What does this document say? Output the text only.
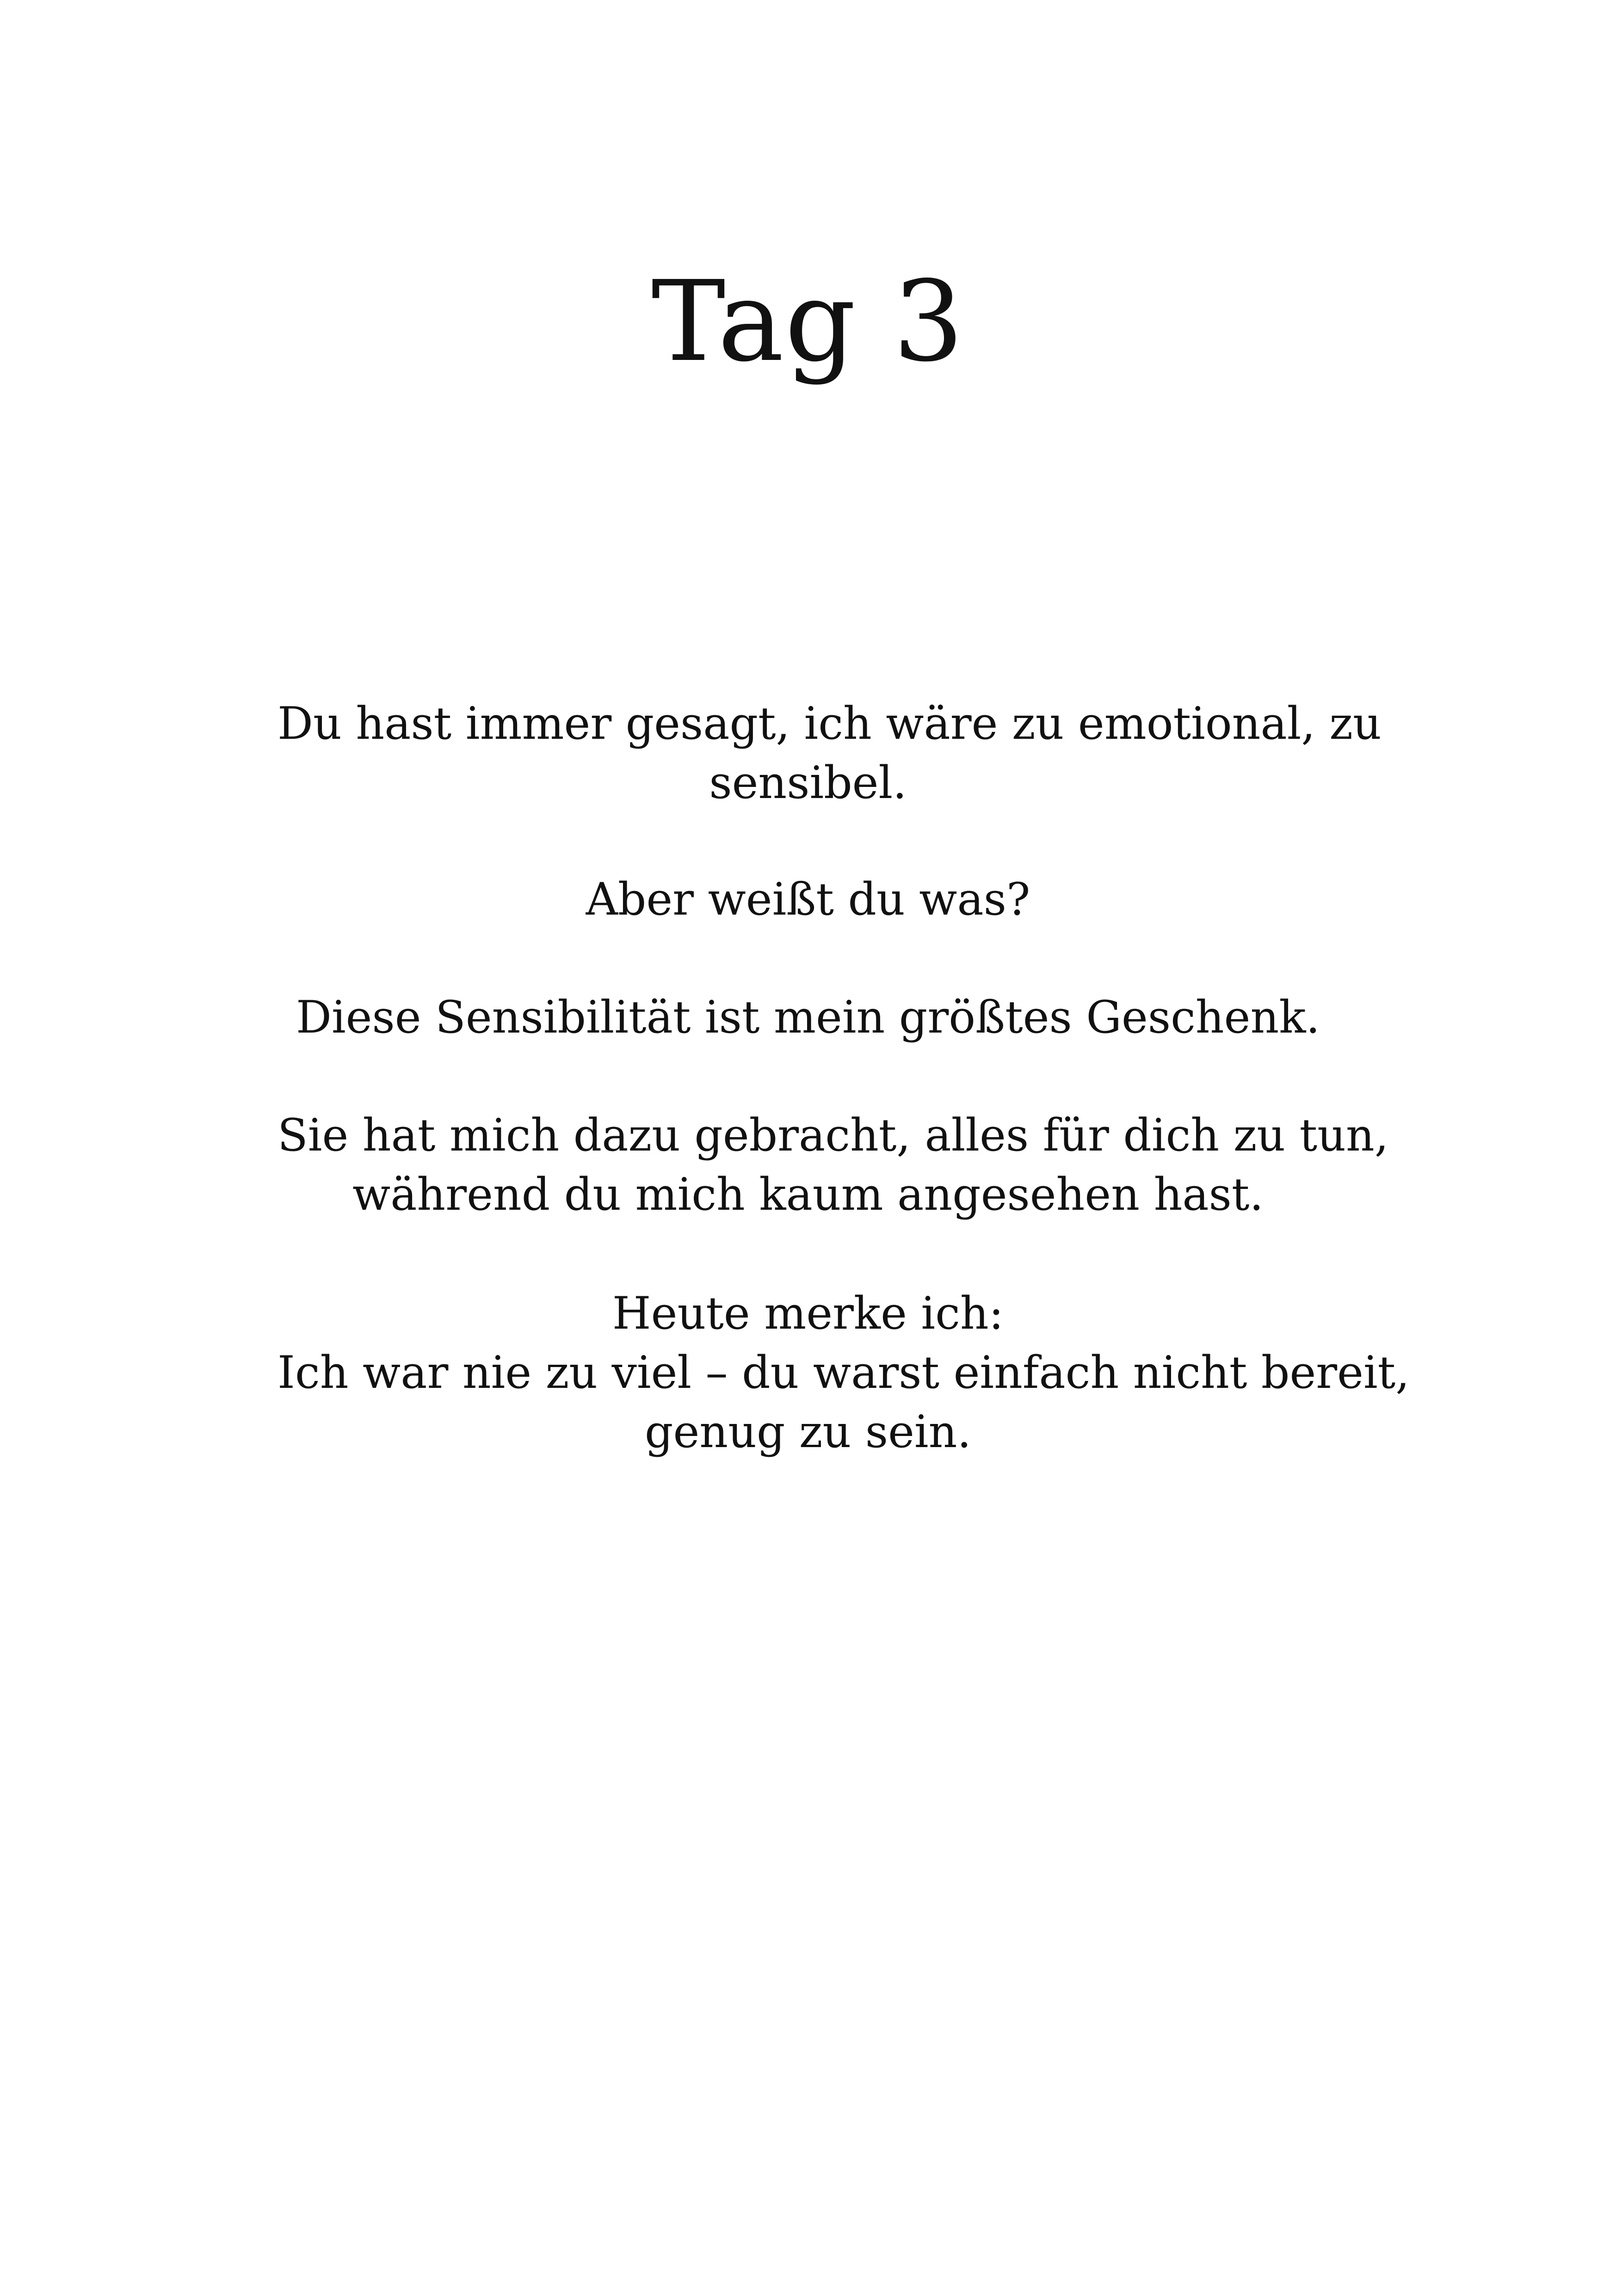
Tag 3

Du hast immer gesagt, ich wäre zu emotional, zu
sensibel.

Aber weißt du was?

Diese Sensibilität ist mein größtes Geschenk.

Sie hat mich dazu gebracht, alles für dich zu tun,
während du mich kaum angesehen hast.

Heute merke ich:
Ich war nie zu viel – du warst einfach nicht bereit,
genug zu sein.
